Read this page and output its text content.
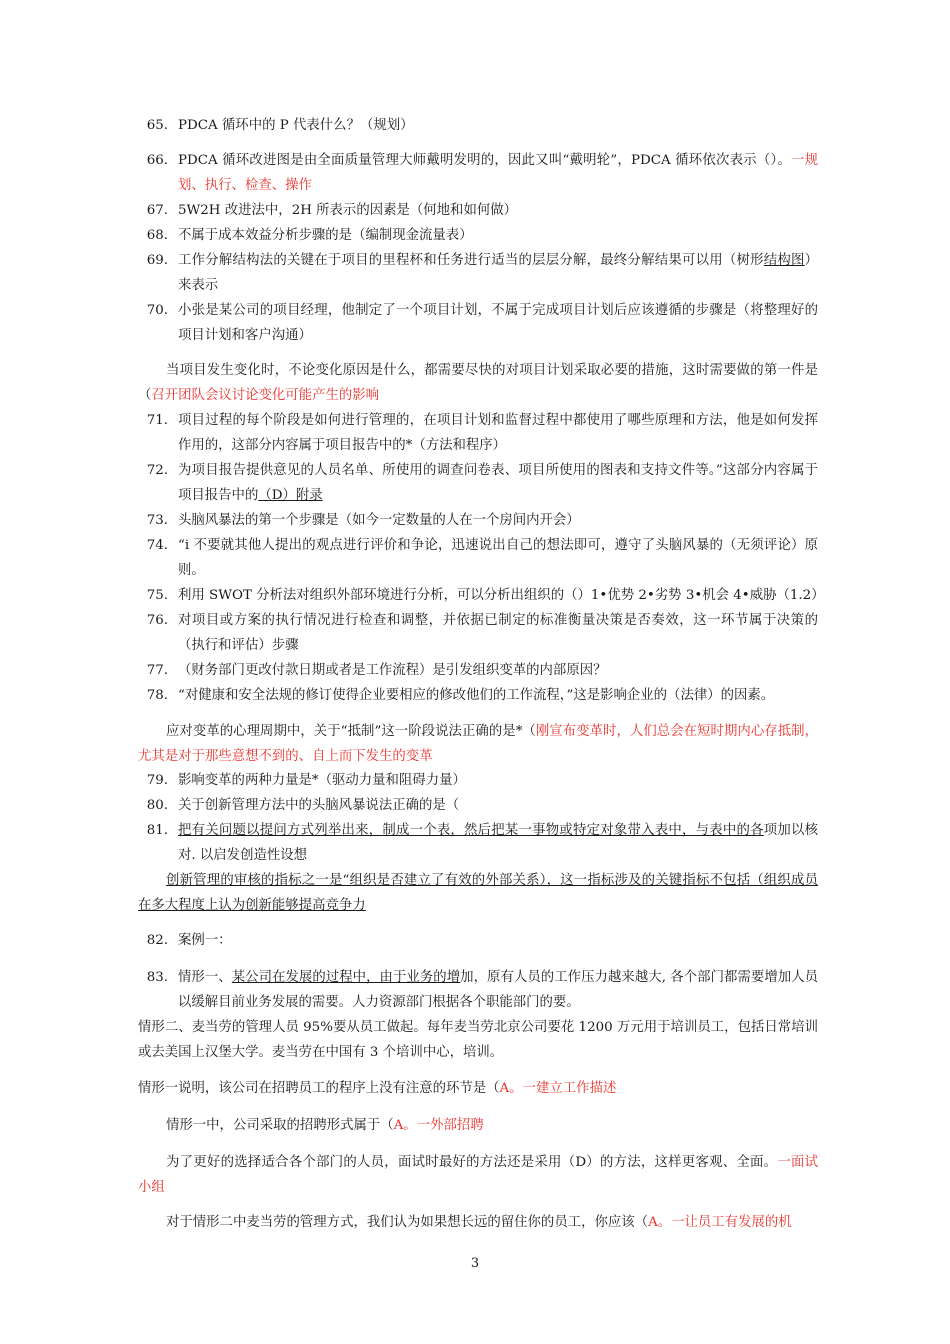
65. PDCA 循环中的 P 代表什么？（规划）
66. PDCA 循环改进图是由全面质量管理大师戴明发明的，因此又叫“戴明轮”，PDCA 循环依次表示（）。一规划、执行、检查、操作
67. 5W2H 改进法中，2H 所表示的因素是（何地和如何做）
68. 不属于成本效益分析步骤的是（编制现金流量表）
69. 工作分解结构法的关键在于项目的里程杯和任务进行适当的层层分解，最终分解结果可以用（树形结构图）来表示
70. 小张是某公司的项目经理，他制定了一个项目计划，不属于完成项目计划后应该遵循的步骤是（将整理好的项目计划和客户沟通）
当项目发生变化时，不论变化原因是什么，都需要尽快的对项目计划采取必要的措施，这时需要做的第一件是（召开团队会议讨论变化可能产生的影响
71. 项目过程的每个阶段是如何进行管理的，在项目计划和监督过程中都使用了哪些原理和方法，他是如何发挥作用的，这部分内容属于项目报告中的*（方法和程序）
72. 为项目报告提供意见的人员名单、所使用的调查问卷表、项目所使用的图表和支持文件等。”这部分内容属于项目报告中的（D）附录
73. 头脑风暴法的第一个步骤是（如今一定数量的人在一个房间内开会）
74. “i 不要就其他人提出的观点进行评价和争论，迅速说出自己的想法即可，遵守了头脑风暴的（无须评论）原则。
75. 利用 SWOT 分析法对组织外部环境进行分析，可以分析出组织的（）1•优势 2•劣势 3•机会 4•威胁（1.2）
76. 对项目或方案的执行情况进行检查和调整，并依据已制定的标准衡量决策是否奏效，这一环节属于决策的（执行和评估）步骤
77. （财务部门更改付款日期或者是工作流程）是引发组织变革的内部原因？
78. “对健康和安全法规的修订使得企业要相应的修改他们的工作流程，”这是影响企业的（法律）的因素。
应对变革的心理周期中，关于“抵制”这一阶段说法正确的是*（刚宣布变革时，人们总会在短时期内心存抵制，尤其是对于那些意想不到的、自上而下发生的变革
79. 影响变革的两种力量是*（驱动力量和阻碍力量）
80. 关于创新管理方法中的头脑风暴说法正确的是（
81. 把有关问题以提问方式列举出来，制成一个表，然后把某一事物或特定对象带入表中，与表中的各项加以核对. 以启发创造性设想
创新管理的审核的指标之一是“组织是否建立了有效的外部关系），这一指标涉及的关键指标不包括（组织成员在多大程度上认为创新能够提高竞争力
82. 案例一：
83. 情形一、某公司在发展的过程中，由于业务的增加，原有人员的工作压力越来越大, 各个部门都需要增加人员以缓解目前业务发展的需要。人力资源部门根据各个职能部门的要。
情形二、麦当劳的管理人员 95%要从员工做起。每年麦当劳北京公司要花 1200 万元用于培训员工，包括日常培训或去美国上汉堡大学。麦当劳在中国有 3 个培训中心，培训。
情形一说明，该公司在招聘员工的程序上没有注意的环节是（A。一建立工作描述
情形一中，公司采取的招聘形式属于（A。一外部招聘
为了更好的选择适合各个部门的人员，面试时最好的方法还是采用（D）的方法，这样更客观、全面。一面试小组
对于情形二中麦当劳的管理方式，我们认为如果想长远的留住你的员工，你应该（A。一让员工有发展的机
3
